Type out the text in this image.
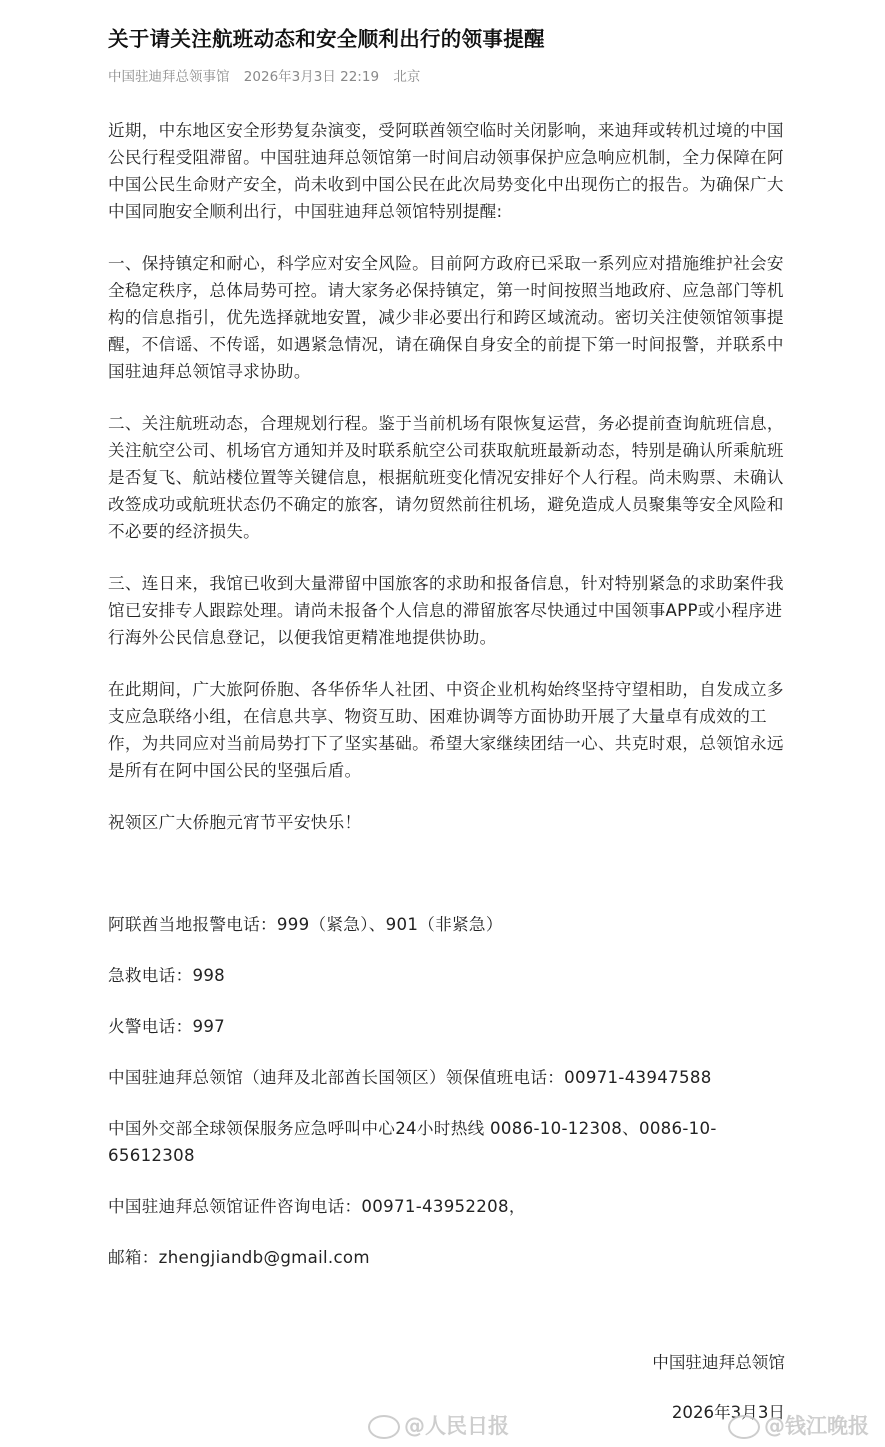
关于请关注航班动态和安全顺利出行的领事提醒
中国驻迪拜总领事馆 2026年3月3日 22:19 北京

近期，中东地区安全形势复杂演变，受阿联酋领空临时关闭影响，来迪拜或转机过境的中国公民行程受阻滞留。中国驻迪拜总领馆第一时间启动领事保护应急响应机制，全力保障在阿中国公民生命财产安全，尚未收到中国公民在此次局势变化中出现伤亡的报告。为确保广大中国同胞安全顺利出行，中国驻迪拜总领馆特别提醒:

一、保持镇定和耐心，科学应对安全风险。目前阿方政府已采取一系列应对措施维护社会安全稳定秩序，总体局势可控。请大家务必保持镇定，第一时间按照当地政府、应急部门等机构的信息指引，优先选择就地安置，减少非必要出行和跨区域流动。密切关注使领馆领事提醒，不信谣、不传谣，如遇紧急情况，请在确保自身安全的前提下第一时间报警，并联系中国驻迪拜总领馆寻求协助。

二、关注航班动态，合理规划行程。鉴于当前机场有限恢复运营，务必提前查询航班信息，关注航空公司、机场官方通知并及时联系航空公司获取航班最新动态，特别是确认所乘航班是否复飞、航站楼位置等关键信息，根据航班变化情况安排好个人行程。尚未购票、未确认改签成功或航班状态仍不确定的旅客，请勿贸然前往机场，避免造成人员聚集等安全风险和不必要的经济损失。

三、连日来，我馆已收到大量滞留中国旅客的求助和报备信息，针对特别紧急的求助案件我馆已安排专人跟踪处理。请尚未报备个人信息的滞留旅客尽快通过中国领事APP或小程序进行海外公民信息登记，以便我馆更精准地提供协助。

在此期间，广大旅阿侨胞、各华侨华人社团、中资企业机构始终坚持守望相助，自发成立多支应急联络小组，在信息共享、物资互助、困难协调等方面协助开展了大量卓有成效的工作，为共同应对当前局势打下了坚实基础。希望大家继续团结一心、共克时艰，总领馆永远是所有在阿中国公民的坚强后盾。

祝领区广大侨胞元宵节平安快乐！

阿联酋当地报警电话：999（紧急）、901（非紧急）

急救电话：998

火警电话：997

中国驻迪拜总领馆（迪拜及北部酋长国领区）领保值班电话：00971-43947588

中国外交部全球领保服务应急呼叫中心24小时热线 0086-10-12308、0086-10-65612308

中国驻迪拜总领馆证件咨询电话：00971-43952208，

邮箱：zhengjiandb@gmail.com

中国驻迪拜总领馆
2026年3月3日
@人民日报	@钱江晚报
